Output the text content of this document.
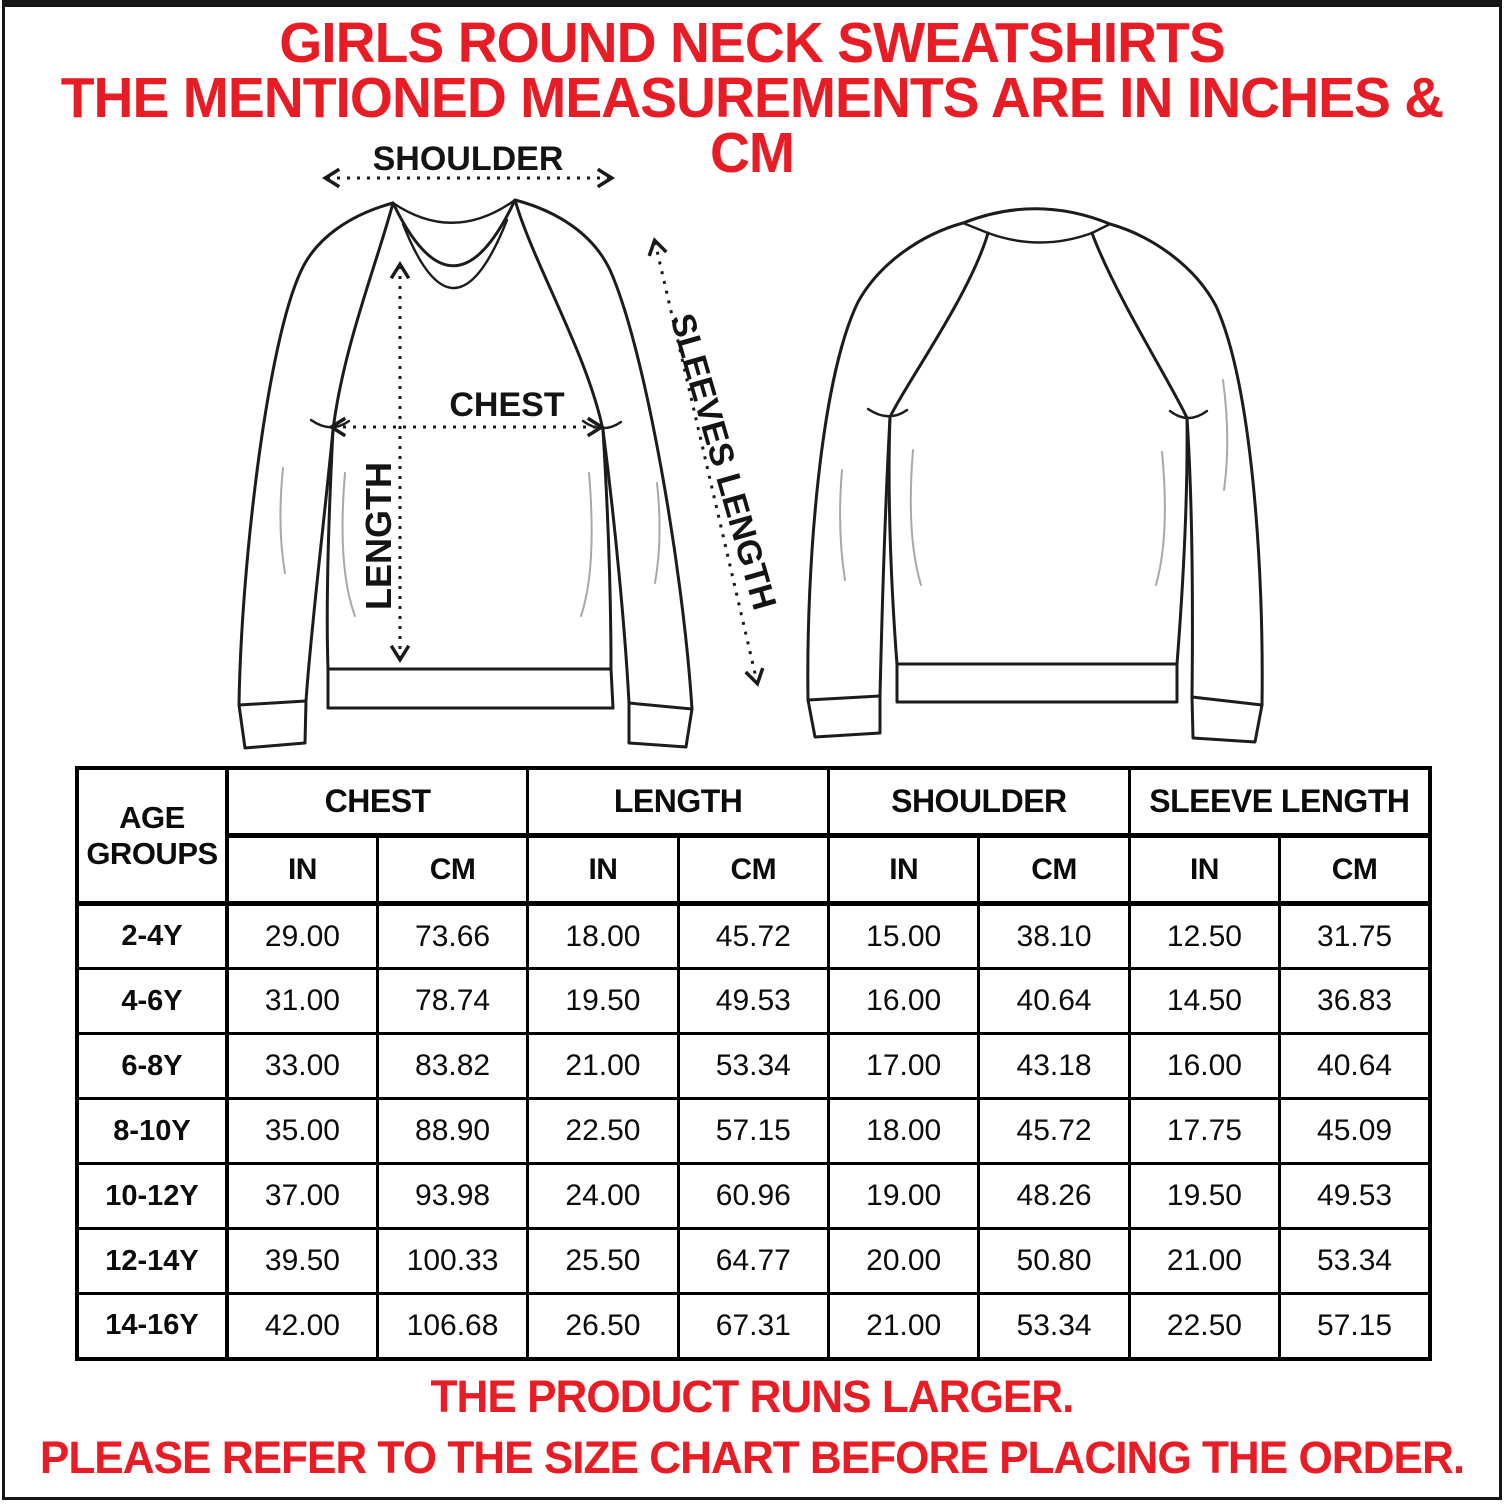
GIRLS ROUND NECK SWEATSHIRTS
THE MENTIONED MEASUREMENTS ARE IN INCHES & CM
SHOULDER
CHEST
LENGTH	SLEEVES LENGTH
AGE GROUPS	CHEST		LENGTH		SHOULDER		SLEEVE LENGTH	
	IN	CM	IN	CM	IN	CM	IN	CM
2-4Y	29.00	73.66	18.00	45.72	15.00	38.10	12.50	31.75
4-6Y	31.00	78.74	19.50	49.53	16.00	40.64	14.50	36.83
6-8Y	33.00	83.82	21.00	53.34	17.00	43.18	16.00	40.64
8-10Y	35.00	88.90	22.50	57.15	18.00	45.72	17.75	45.09
10-12Y	37.00	93.98	24.00	60.96	19.00	48.26	19.50	49.53
12-14Y	39.50	100.33	25.50	64.77	20.00	50.80	21.00	53.34
14-16Y	42.00	106.68	26.50	67.31	21.00	53.34	22.50	57.15
THE PRODUCT RUNS LARGER.
PLEASE REFER TO THE SIZE CHART BEFORE PLACING THE ORDER.
